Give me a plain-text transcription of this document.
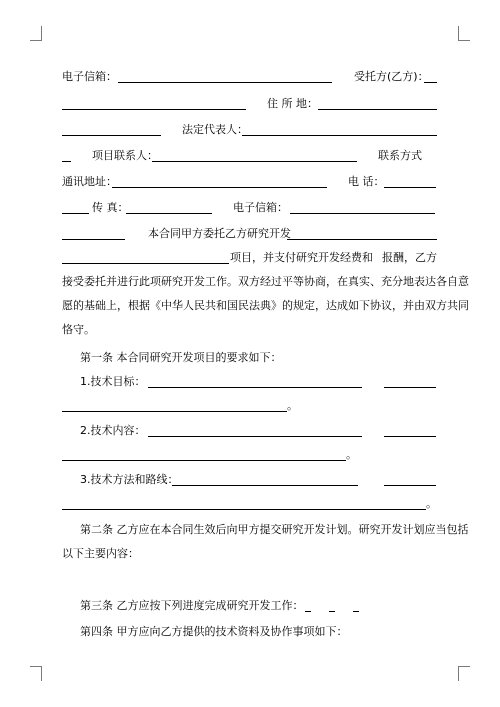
电子信箱：	受托方(乙方)：
住 所 地：
法定代表人：
项目联系人：	联系方式
通讯地址：	电 话：
传 真：	电子信箱：
本合同甲方委托乙方研究开发
项目，并支付研究开发经费和 报酬，乙方
接受委托并进行此项研究开发工作。双方经过平等协商，在真实、充分地表达各自意
愿的基础上，根据《中华人民共和国民法典》的规定，达成如下协议，并由双方共同
恪守。
第一条 本合同研究开发项目的要求如下：
1.技术目标：
。
2.技术内容：
。
3.技术方法和路线：
。
第二条 乙方应在本合同生效后向甲方提交研究开发计划。研究开发计划应当包括
以下主要内容：
第三条 乙方应按下列进度完成研究开发工作：
第四条 甲方应向乙方提供的技术资料及协作事项如下：
